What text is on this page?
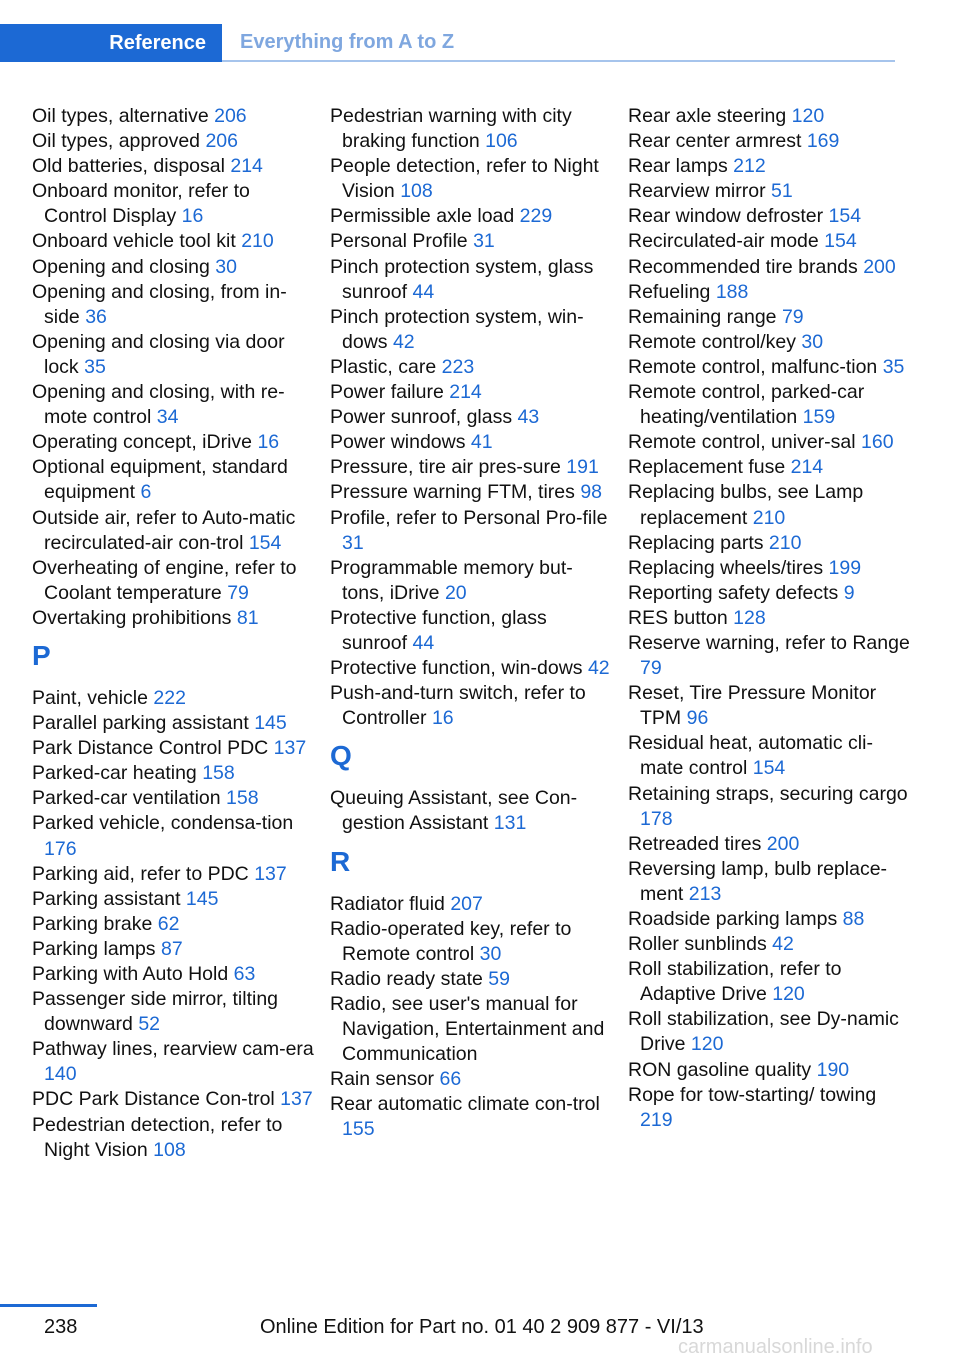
Reference	Everything from A to Z
Oil types, alternative 206
Oil types, approved 206
Old batteries, disposal 214
Onboard monitor, refer to Control Display 16
Onboard vehicle tool kit 210
Opening and closing 30
Opening and closing, from in‐side 36
Opening and closing via door lock 35
Opening and closing, with re‐mote control 34
Operating concept, iDrive 16
Optional equipment, standard equipment 6
Outside air, refer to Auto‐matic recirculated-air con‐trol 154
Overheating of engine, refer to Coolant temperature 79
Overtaking prohibitions 81
P
Paint, vehicle 222
Parallel parking assistant 145
Park Distance Control PDC 137
Parked-car heating 158
Parked-car ventilation 158
Parked vehicle, condensa‐tion 176
Parking aid, refer to PDC 137
Parking assistant 145
Parking brake 62
Parking lamps 87
Parking with Auto Hold 63
Passenger side mirror, tilting downward 52
Pathway lines, rearview cam‐era 140
PDC Park Distance Con‐trol 137
Pedestrian detection, refer to Night Vision 108
Pedestrian warning with city braking function 106
People detection, refer to Night Vision 108
Permissible axle load 229
Personal Profile 31
Pinch protection system, glass sunroof 44
Pinch protection system, win‐dows 42
Plastic, care 223
Power failure 214
Power sunroof, glass 43
Power windows 41
Pressure, tire air pres‐sure 191
Pressure warning FTM, tires 98
Profile, refer to Personal Pro‐file 31
Programmable memory but‐tons, iDrive 20
Protective function, glass sunroof 44
Protective function, win‐dows 42
Push-and-turn switch, refer to Controller 16
Q
Queuing Assistant, see Con‐gestion Assistant 131
R
Radiator fluid 207
Radio-operated key, refer to Remote control 30
Radio ready state 59
Radio, see user's manual for Navigation, Entertainment and Communication
Rain sensor 66
Rear automatic climate con‐trol 155
Rear axle steering 120
Rear center armrest 169
Rear lamps 212
Rearview mirror 51
Rear window defroster 154
Recirculated-air mode 154
Recommended tire brands 200
Refueling 188
Remaining range 79
Remote control/key 30
Remote control, malfunc‐tion 35
Remote control, parked-car heating/ventilation 159
Remote control, univer‐sal 160
Replacement fuse 214
Replacing bulbs, see Lamp replacement 210
Replacing parts 210
Replacing wheels/tires 199
Reporting safety defects 9
RES button 128
Reserve warning, refer to Range 79
Reset, Tire Pressure Monitor TPM 96
Residual heat, automatic cli‐mate control 154
Retaining straps, securing cargo 178
Retreaded tires 200
Reversing lamp, bulb replace‐ment 213
Roadside parking lamps 88
Roller sunblinds 42
Roll stabilization, refer to Adaptive Drive 120
Roll stabilization, see Dy‐namic Drive 120
RON gasoline quality 190
Rope for tow-starting/ towing 219
238	Online Edition for Part no. 01 40 2 909 877 - VI/13
carmanualsonline.info
